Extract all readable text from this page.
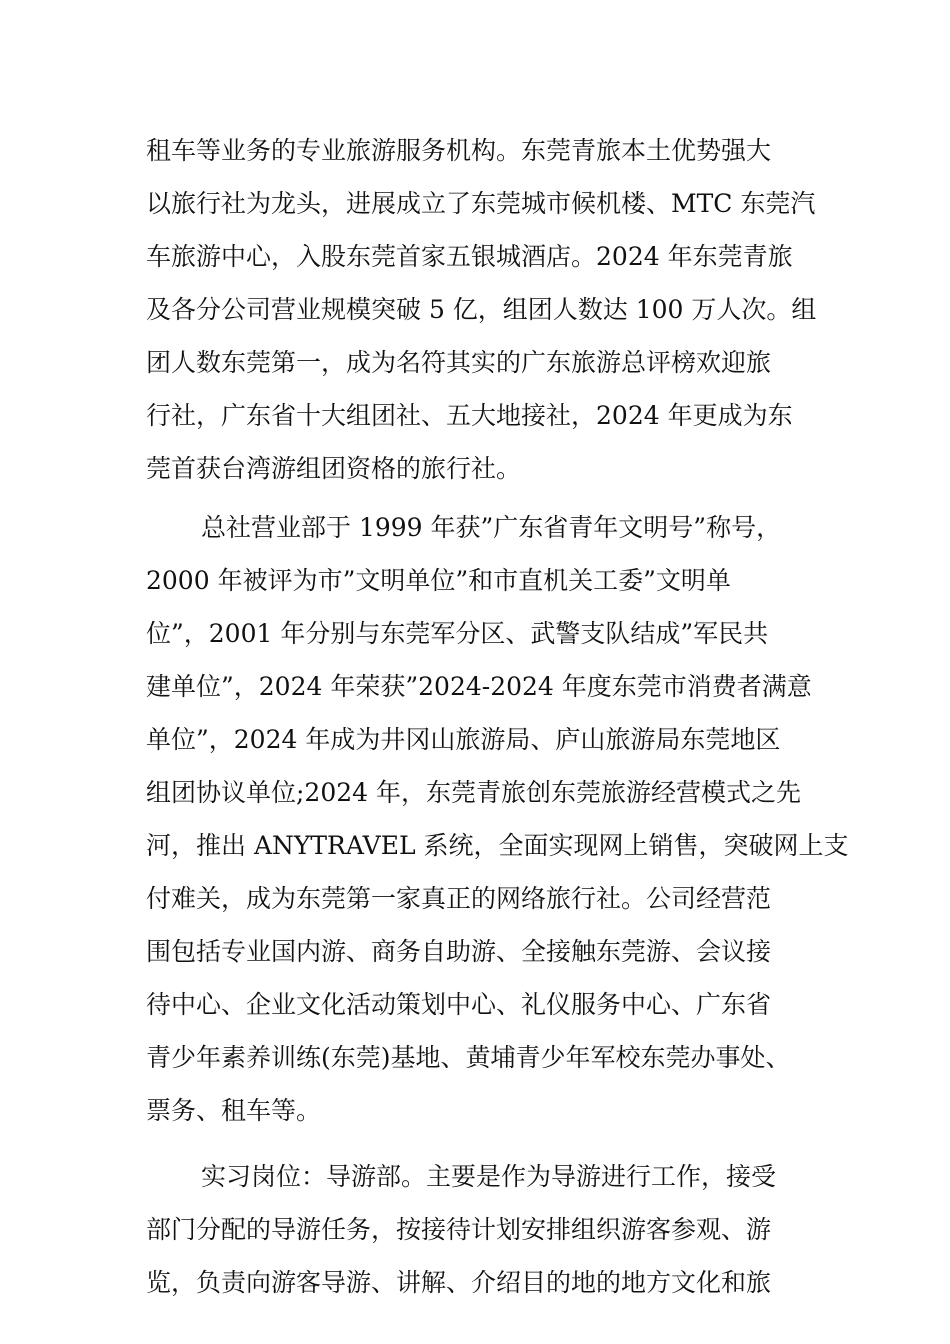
租车等业务的专业旅游服务机构。东莞青旅本土优势强大
以旅行社为龙头，进展成立了东莞城市候机楼、MTC 东莞汽
车旅游中心，入股东莞首家五银城酒店。2024 年东莞青旅
及各分公司营业规模突破 5 亿，组团人数达 100 万人次。组
团人数东莞第一，成为名符其实的广东旅游总评榜欢迎旅
行社，广东省十大组团社、五大地接社，2024 年更成为东
莞首获台湾游组团资格的旅行社。
总社营业部于 1999 年获”广东省青年文明号”称号，
2000 年被评为市”文明单位”和市直机关工委”文明单
位”，2001 年分别与东莞军分区、武警支队结成”军民共
建单位”，2024 年荣获”2024-2024 年度东莞市消费者满意
单位”，2024 年成为井冈山旅游局、庐山旅游局东莞地区
组团协议单位;2024 年，东莞青旅创东莞旅游经营模式之先
河，推出 ANYTRAVEL 系统，全面实现网上销售，突破网上支
付难关，成为东莞第一家真正的网络旅行社。公司经营范
围包括专业国内游、商务自助游、全接触东莞游、会议接
待中心、企业文化活动策划中心、礼仪服务中心、广东省
青少年素养训练(东莞)基地、黄埔青少年军校东莞办事处、
票务、租车等。
实习岗位：导游部。主要是作为导游进行工作，接受
部门分配的导游任务，按接待计划安排组织游客参观、游
览，负责向游客导游、讲解、介绍目的地的地方文化和旅
